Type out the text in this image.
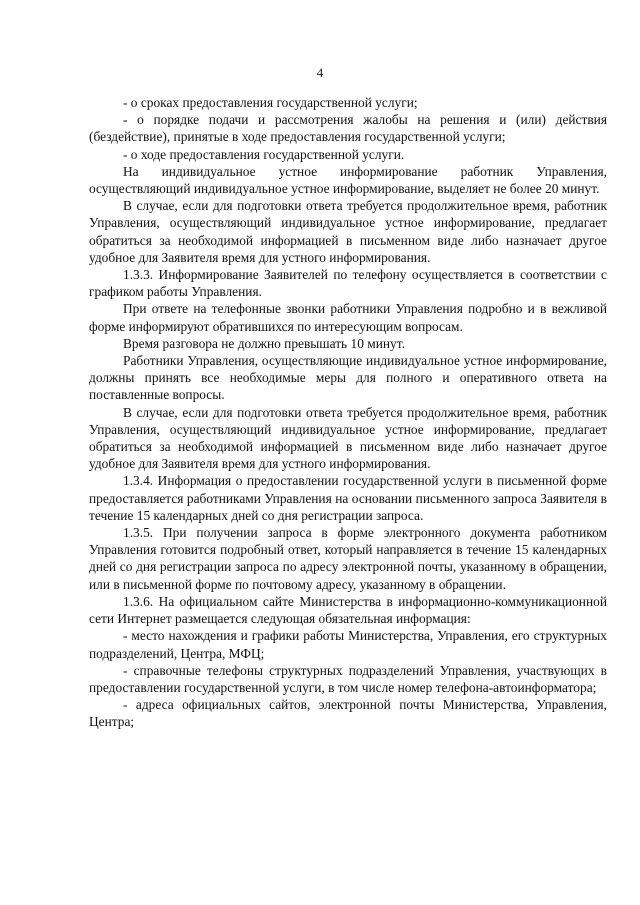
4

- о сроках предоставления государственной услуги;

- о порядке подачи и рассмотрения жалобы на решения и (или) действия (бездействие), принятые в ходе предоставления государственной услуги;

- о ходе предоставления государственной услуги.

На индивидуальное устное информирование работник Управления, осуществляющий индивидуальное устное информирование, выделяет не более 20 минут.

В случае, если для подготовки ответа требуется продолжительное время, работник Управления, осуществляющий индивидуальное устное информирование, предлагает обратиться за необходимой информацией в письменном виде либо назначает другое удобное для Заявителя время для устного информирования.

1.3.3. Информирование Заявителей по телефону осуществляется в соответствии с графиком работы Управления.

При ответе на телефонные звонки работники Управления подробно и в вежливой форме информируют обратившихся по интересующим вопросам.

Время разговора не должно превышать 10 минут.

Работники Управления, осуществляющие индивидуальное устное информирование, должны принять все необходимые меры для полного и оперативного ответа на поставленные вопросы.

В случае, если для подготовки ответа требуется продолжительное время, работник Управления, осуществляющий индивидуальное устное информирование, предлагает обратиться за необходимой информацией в письменном виде либо назначает другое удобное для Заявителя время для устного информирования.

1.3.4. Информация о предоставлении государственной услуги в письменной форме предоставляется работниками Управления на основании письменного запроса Заявителя в течение 15 календарных дней со дня регистрации запроса.

1.3.5. При получении запроса в форме электронного документа работником Управления готовится подробный ответ, который направляется в течение 15 календарных дней со дня регистрации запроса по адресу электронной почты, указанному в обращении, или в письменной форме по почтовому адресу, указанному в обращении.

1.3.6. На официальном сайте Министерства в информационно-коммуникационной сети Интернет размещается следующая обязательная информация:

- место нахождения и графики работы Министерства, Управления, его структурных подразделений, Центра, МФЦ;

- справочные телефоны структурных подразделений Управления, участвующих в предоставлении государственной услуги, в том числе номер телефона-автоинформатора;

- адреса официальных сайтов, электронной почты Министерства, Управления, Центра;
